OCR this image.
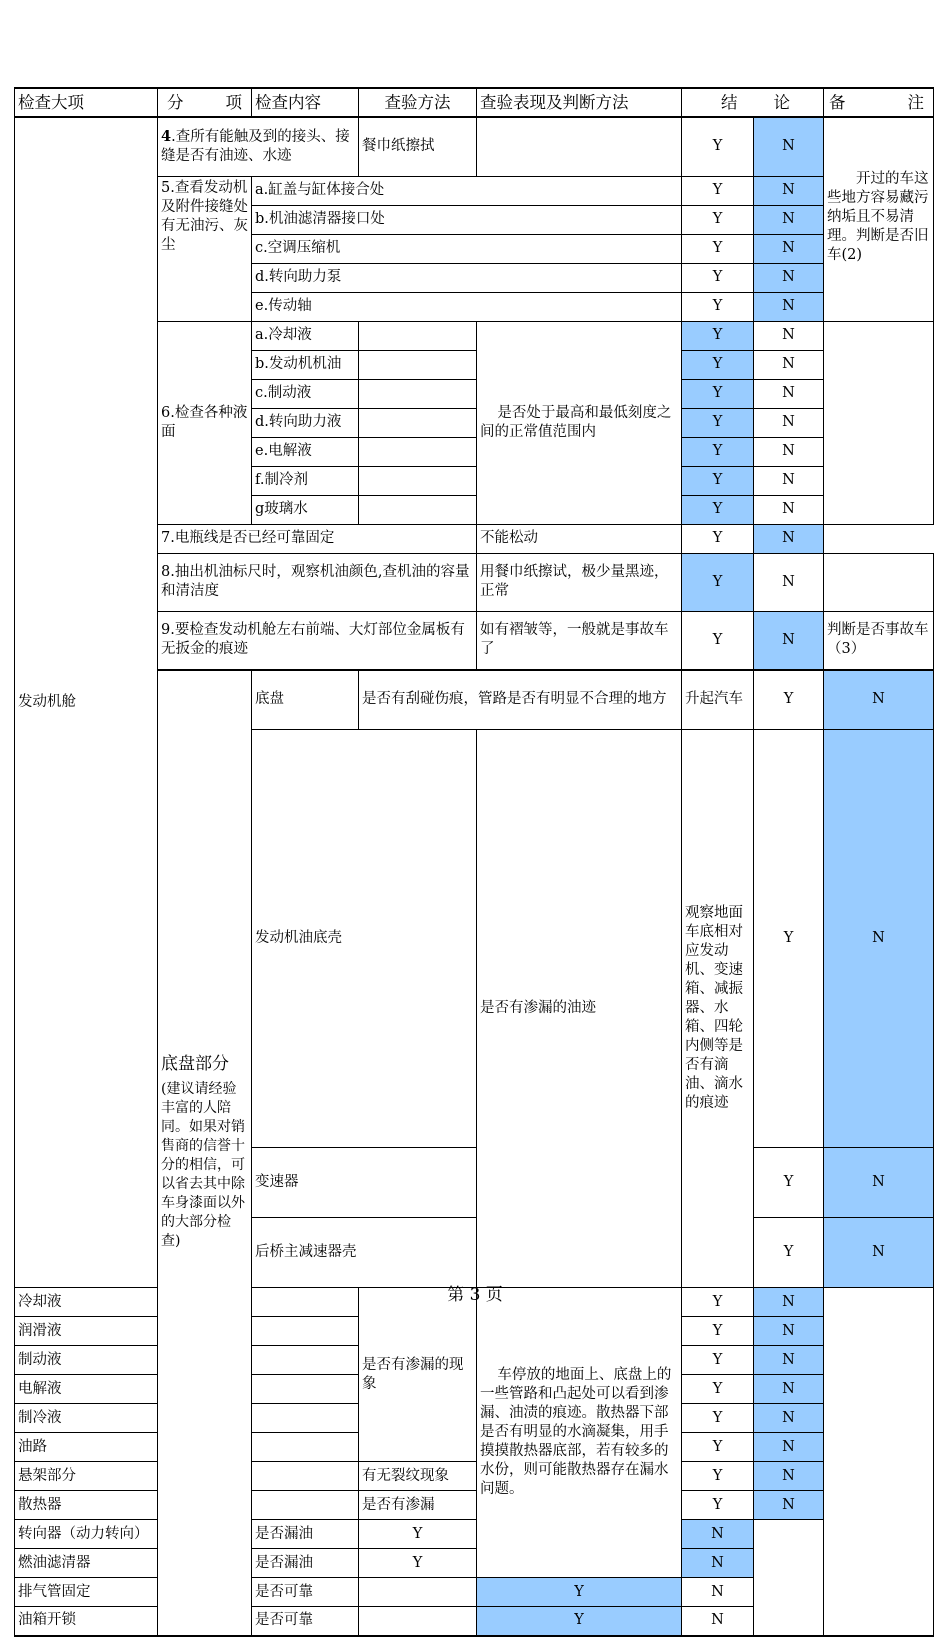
检查大项	分 项	检查内容	查验方法	查验表现及判断方法	结 论		备 注	

发动机舱	4.查所有能触及到的接头、接缝是否有油迹、水迹		餐巾纸擦拭		Y	N	开过的车这些地方容易藏污纳垢且不易清理。判断是否旧车(2)	
	5.查看发动机及附件接缝处有无油污、灰尘	a.缸盖与缸体接合处			Y	N		
		b.机油滤清器接口处			Y	N		
		c.空调压缩机			Y	N		
		d.转向助力泵			Y	N		
		e.传动轴			Y	N		
	6.检查各种液面	a.冷却液		是否处于最高和最低刻度之间的正常值范围内	Y	N		
		b.发动机机油			Y	N		
		c.制动液			Y	N		
		d.转向助力液			Y	N		
		e.电解液			Y	N		
		f.制冷剂			Y	N		
		g玻璃水			Y	N		
	7.电瓶线是否已经可靠固定			不能松动	Y	N		
	8.抽出机油标尺时，观察机油颜色,查机油的容量和清洁度			用餐巾纸擦试，极少量黑迹，正常	Y	N		
	9.要检查发动机舱左右前端、大灯部位金属板有无扳金的痕迹			如有褶皱等，一般就是事故车了	Y	N	判断是否事故车（3）	

	底盘部分
(建议请经验丰富的人陪同。如果对销售商的信誉十分的相信，可以省去其中除车身漆面以外的大部分检查)	底盘	是否有刮碰伤痕，管路是否有明显不合理的地方		升起汽车	Y	N	
		发动机油底壳		是否有渗漏的油迹	观察地面车底相对应发动机、变速箱、减振器、水箱、四轮内侧等是否有滴油、滴水的痕迹	Y	N	
		变速器				Y	N	
		后桥主减速器壳				Y	N	
冷却液			是否有渗漏的现象	车停放的地面上、底盘上的一些管路和凸起处可以看到渗漏、油渍的痕迹。散热器下部是否有明显的水滴凝集，用手摸摸散热器底部，若有较多的水份，则可能散热器存在漏水问题。	Y	N		
润滑液					Y	N		
制动液					Y	N		
电解液					Y	N		
制冷液					Y	N		
油路					Y	N		
悬架部分			有无裂纹现象		Y	N		
散热器			是否有渗漏		Y	N		
转向器（动力转向）		是否漏油	Y		N			
燃油滤清器		是否漏油	Y		N			
排气管固定		是否可靠		Y	N			
油箱开锁		是否可靠		Y	N			
第 3 页
